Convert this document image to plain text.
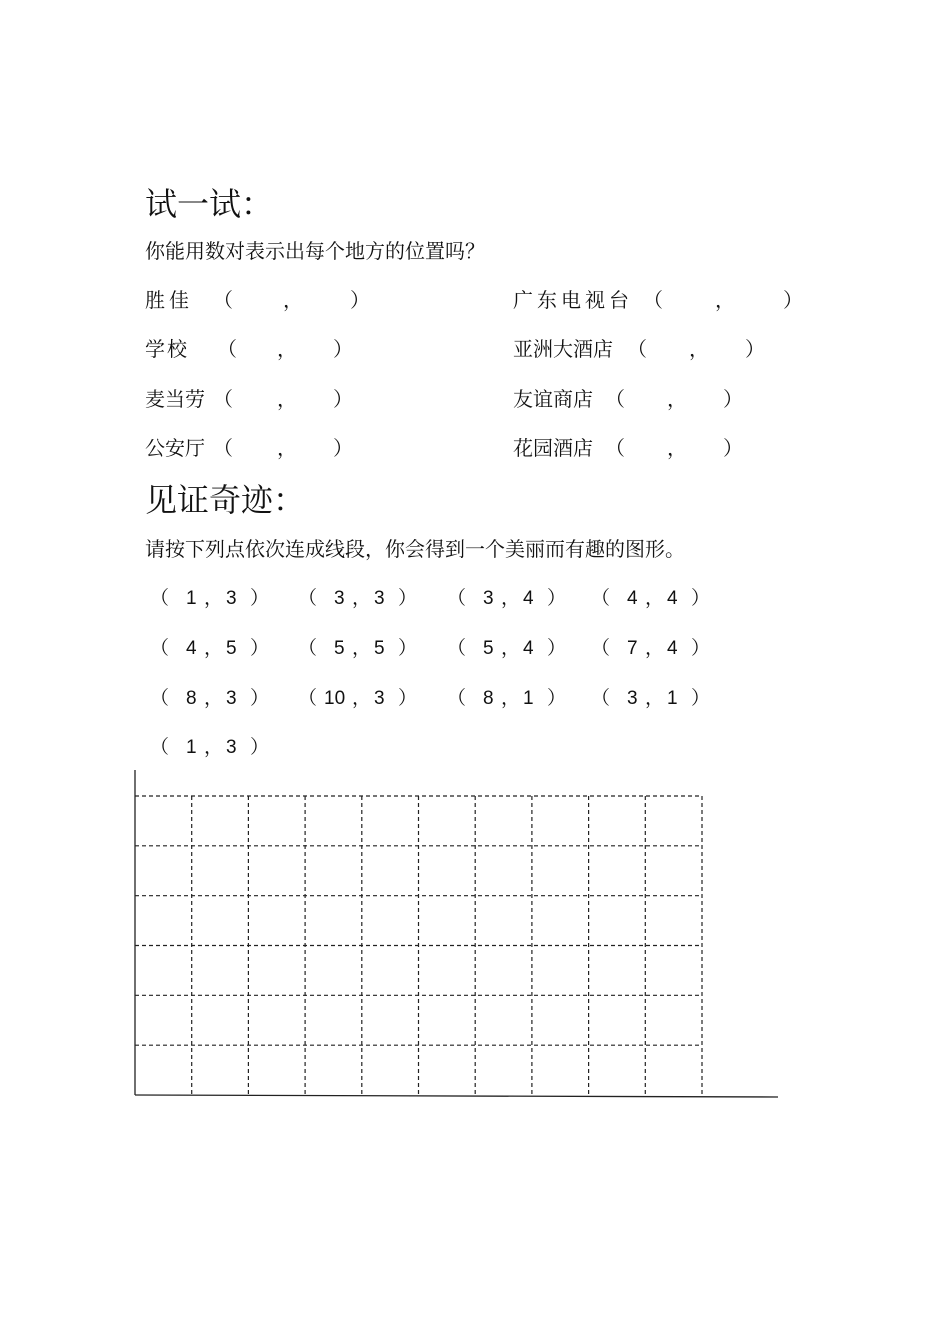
试一试：
你能用数对表示出每个地方的位置吗？
胜佳 （	， ）	广东电视台 （	， ）
学校 （ ， ）	亚洲大酒店 （ ， ）
麦当劳 （ ， ）	友谊商店 （ ， ）
公安厅 （ ， ）	花园酒店 （ ， ）
见证奇迹：
请按下列点依次连成线段，你会得到一个美丽而有趣的图形。
（ 1 ， 3 ） （ 3 ， 3 ） （ 3 ， 4 ） （ 4 ， 4 ）
（ 4 ， 5 ） （ 5 ， 5 ） （ 5 ， 4 ） （ 7 ， 4 ）
（ 8 ， 3 ） （ 10 ， 3 ） （ 8 ， 1 ） （ 3 ， 1 ）
（ 1 ， 3 ）
